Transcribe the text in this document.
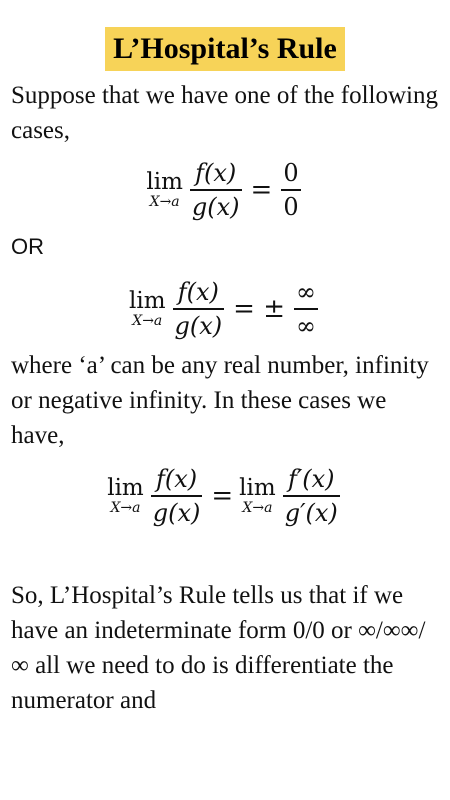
L’Hospital’s Rule

Suppose that we have one of the following cases,

lim
$X\to a \frac{f(x)}{g(x)} = \frac{0}{0}$
OR
lim
$X\to a \frac{f(x)}{g(x)}$ = ± $\frac{\infty}{\infty}$

where ‘a’ can be any real number, infinity or negative infinity. In these cases we have,

lim
$X\to a \frac{f(x)}{g(x)} = \lim$
$X\to a \frac{f'(x)}{g'(x)}$

So, L’Hospital’s Rule tells us that if we have an indeterminate form 0/0 or ∞/∞∞/∞ all we need to do is differentiate the numerator and
